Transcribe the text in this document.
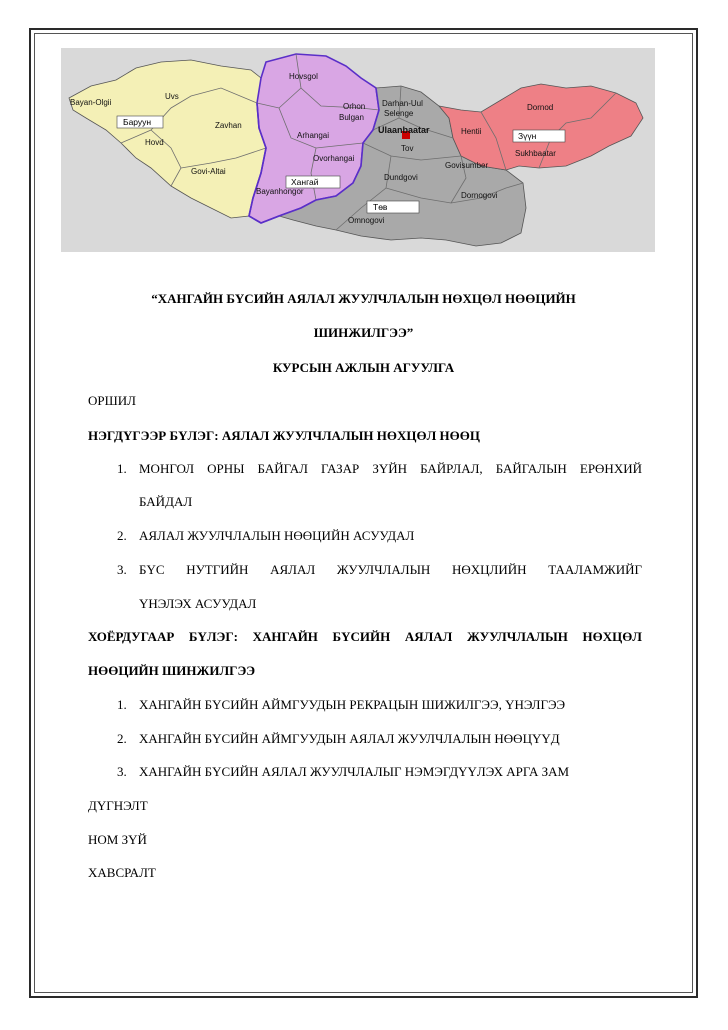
Баруун
Хангай
Төв
Зүүн
Bayan-Olgii
Uvs
Hovd
Zavhan
Govi-Altai
Hovsgol
Orhon
Bulgan
Arhangai
Ovorhangai
Bayanhongor
Darhan-Uul
Selenge
Ulaanbaatar
Tov
Govisumber
Dundgovi
Omnogovi
Dornogovi
Hentii
Dornod
Sukhbaatar
“ХАНГАЙН БҮСИЙН АЯЛАЛ ЖУУЛЧЛАЛЫН НӨХЦӨЛ НӨӨЦИЙН
ШИНЖИЛГЭЭ”
КУРСЫН АЖЛЫН АГУУЛГА
ОРШИЛ
НЭГДҮГЭЭР БҮЛЭГ: АЯЛАЛ ЖУУЛЧЛАЛЫН НӨХЦӨЛ НӨӨЦ
1. МОНГОЛ ОРНЫ БАЙГАЛ ГАЗАР ЗҮЙН БАЙРЛАЛ, БАЙГАЛЫН ЕРӨНХИЙ
БАЙДАЛ
2. АЯЛАЛ ЖУУЛЧЛАЛЫН НӨӨЦИЙН АСУУДАЛ
3. БҮС НУТГИЙН АЯЛАЛ ЖУУЛЧЛАЛЫН НӨХЦЛИЙН ТААЛАМЖИЙГ
ҮНЭЛЭХ АСУУДАЛ
ХОЁРДУГААР БҮЛЭГ: ХАНГАЙН БҮСИЙН АЯЛАЛ ЖУУЛЧЛАЛЫН НӨХЦӨЛ
НӨӨЦИЙН ШИНЖИЛГЭЭ
1. ХАНГАЙН БҮСИЙН АЙМГУУДЫН РЕКРАЦЫН ШИЖИЛГЭЭ, ҮНЭЛГЭЭ
2. ХАНГАЙН БҮСИЙН АЙМГУУДЫН АЯЛАЛ ЖУУЛЧЛАЛЫН НӨӨЦҮҮД
3. ХАНГАЙН БҮСИЙН АЯЛАЛ ЖУУЛЧЛАЛЫГ НЭМЭГДҮҮЛЭХ АРГА ЗАМ
ДҮГНЭЛТ
НОМ ЗҮЙ
ХАВСРАЛТ
